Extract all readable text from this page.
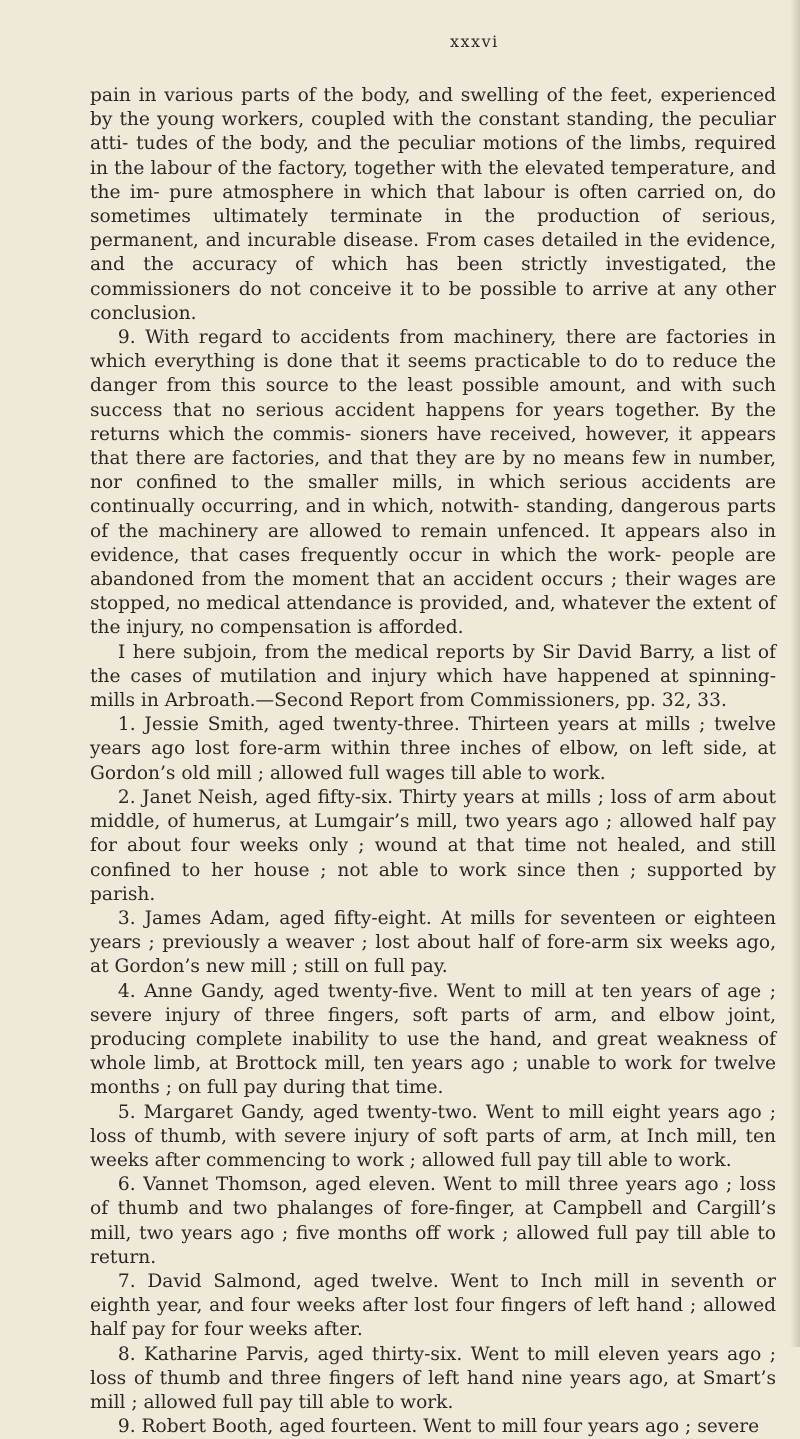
xxxvi

pain in various parts of the body, and swelling of the feet, experienced by the young workers, coupled with the constant standing, the peculiar atti- tudes of the body, and the peculiar motions of the limbs, required in the labour of the factory, together with the elevated temperature, and the im- pure atmosphere in which that labour is often carried on, do sometimes ultimately terminate in the production of serious, permanent, and incurable disease. From cases detailed in the evidence, and the accuracy of which has been strictly investigated, the commissioners do not conceive it to be possible to arrive at any other conclusion.

9. With regard to accidents from machinery, there are factories in which everything is done that it seems practicable to do to reduce the danger from this source to the least possible amount, and with such success that no serious accident happens for years together. By the returns which the commis- sioners have received, however, it appears that there are factories, and that they are by no means few in number, nor confined to the smaller mills, in which serious accidents are continually occurring, and in which, notwith- standing, dangerous parts of the machinery are allowed to remain unfenced. It appears also in evidence, that cases frequently occur in which the work- people are abandoned from the moment that an accident occurs ; their wages are stopped, no medical attendance is provided, and, whatever the extent of the injury, no compensation is afforded.

I here subjoin, from the medical reports by Sir David Barry, a list of the cases of mutilation and injury which have happened at spinning-mills in Arbroath.—Second Report from Commissioners, pp. 32, 33.

1. Jessie Smith, aged twenty-three. Thirteen years at mills ; twelve years ago lost fore-arm within three inches of elbow, on left side, at Gordon’s old mill ; allowed full wages till able to work.

2. Janet Neish, aged fifty-six. Thirty years at mills ; loss of arm about middle, of humerus, at Lumgair’s mill, two years ago ; allowed half pay for about four weeks only ; wound at that time not healed, and still confined to her house ; not able to work since then ; supported by parish.

3. James Adam, aged fifty-eight. At mills for seventeen or eighteen years ; previously a weaver ; lost about half of fore-arm six weeks ago, at Gordon’s new mill ; still on full pay.

4. Anne Gandy, aged twenty-five. Went to mill at ten years of age ; severe injury of three fingers, soft parts of arm, and elbow joint, producing complete inability to use the hand, and great weakness of whole limb, at Brottock mill, ten years ago ; unable to work for twelve months ; on full pay during that time.

5. Margaret Gandy, aged twenty-two. Went to mill eight years ago ; loss of thumb, with severe injury of soft parts of arm, at Inch mill, ten weeks after commencing to work ; allowed full pay till able to work.

6. Vannet Thomson, aged eleven. Went to mill three years ago ; loss of thumb and two phalanges of fore-finger, at Campbell and Cargill’s mill, two years ago ; five months off work ; allowed full pay till able to return.

7. David Salmond, aged twelve. Went to Inch mill in seventh or eighth year, and four weeks after lost four fingers of left hand ; allowed half pay for four weeks after.

8. Katharine Parvis, aged thirty-six. Went to mill eleven years ago ; loss of thumb and three fingers of left hand nine years ago, at Smart’s mill ; allowed full pay till able to work.

9. Robert Booth, aged fourteen. Went to mill four years ago ; severe
